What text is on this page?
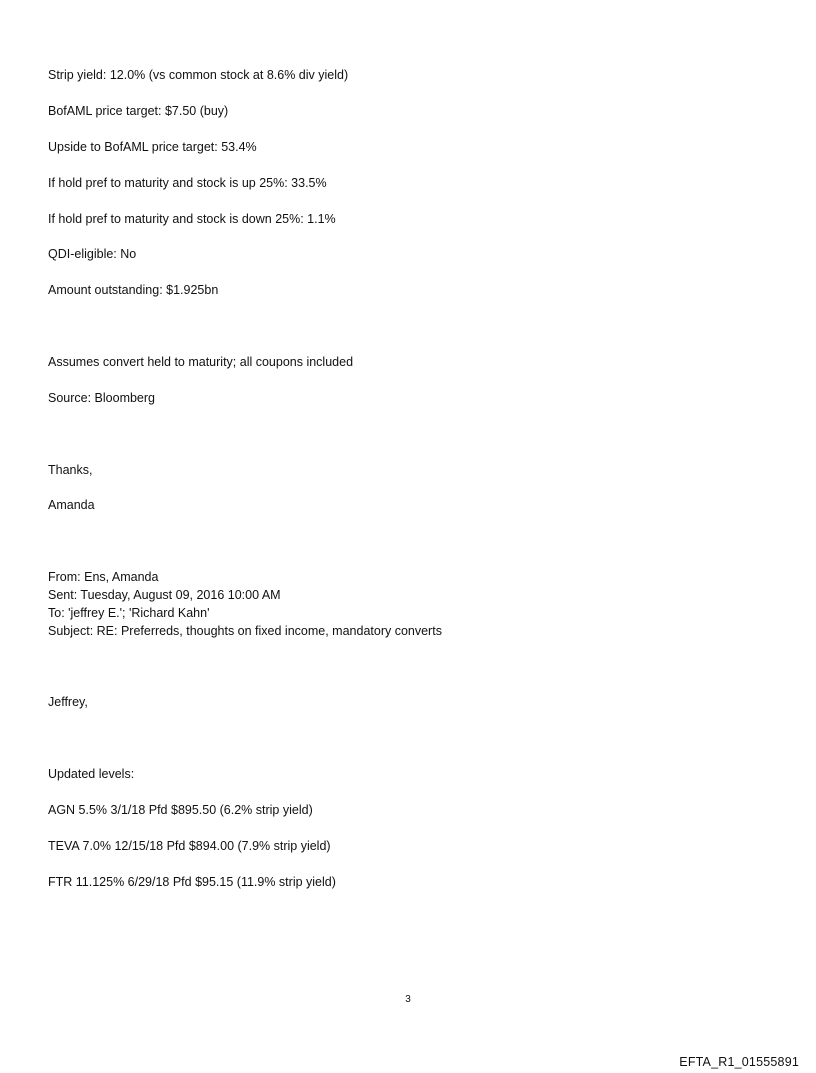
Strip yield: 12.0% (vs common stock at 8.6% div yield)
BofAML price target: $7.50 (buy)
Upside to BofAML price target: 53.4%
If hold pref to maturity and stock is up 25%: 33.5%
If hold pref to maturity and stock is down 25%: 1.1%
QDI-eligible: No
Amount outstanding: $1.925bn
Assumes convert held to maturity; all coupons included
Source: Bloomberg
Thanks,
Amanda
From: Ens, Amanda
Sent: Tuesday, August 09, 2016 10:00 AM
To: 'jeffrey E.'; 'Richard Kahn'
Subject: RE: Preferreds, thoughts on fixed income, mandatory converts
Jeffrey,
Updated levels:
AGN 5.5% 3/1/18 Pfd $895.50 (6.2% strip yield)
TEVA 7.0% 12/15/18 Pfd $894.00 (7.9% strip yield)
FTR 11.125% 6/29/18 Pfd $95.15 (11.9% strip yield)
3
EFTA_R1_01555891
